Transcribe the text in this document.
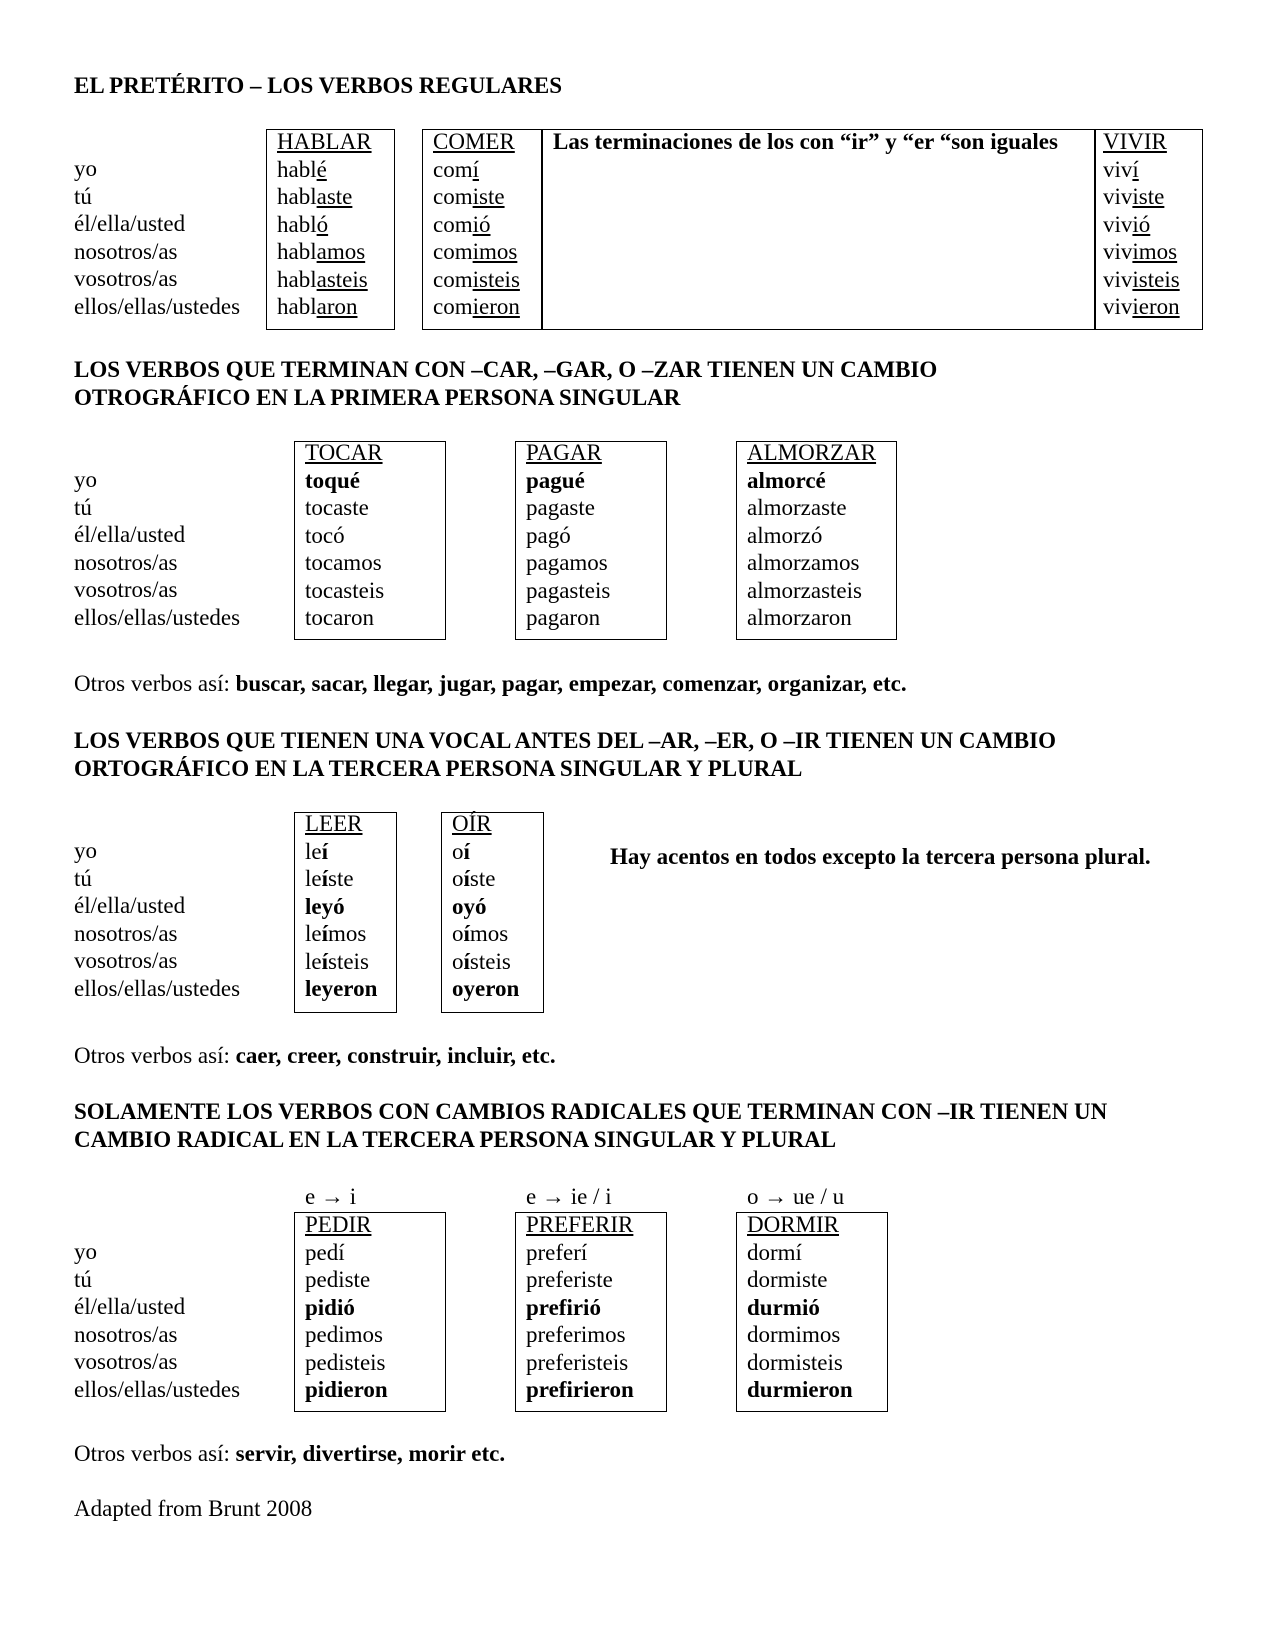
EL PRETÉRITO – LOS VERBOS REGULARES
yo
tú
él/ella/usted
nosotros/as
vosotros/as
ellos/ellas/ustedes
HABLAR
hablé
hablaste
habló
hablamos
hablasteis
hablaron
COMER
comí
comiste
comió
comimos
comisteis
comieron
Las terminaciones de los con “ir” y “er “son iguales VIVIR
viví
viviste
vivió
vivimos
vivisteis
vivieron
LOS VERBOS QUE TERMINAN CON –CAR, –GAR, O –ZAR TIENEN UN CAMBIO
OTROGRÁFICO EN LA PRIMERA PERSONA SINGULAR
yo
tú
él/ella/usted
nosotros/as
vosotros/as
ellos/ellas/ustedes
TOCAR
toqué
tocaste
tocó
tocamos
tocasteis
tocaron
PAGAR
pagué
pagaste
pagó
pagamos
pagasteis
pagaron
ALMORZAR
almorcé
almorzaste
almorzó
almorzamos
almorzasteis
almorzaron
Otros verbos así: buscar, sacar, llegar, jugar, pagar, empezar, comenzar, organizar, etc.
LOS VERBOS QUE TIENEN UNA VOCAL ANTES DEL –AR, –ER, O –IR TIENEN UN CAMBIO
ORTOGRÁFICO EN LA TERCERA PERSONA SINGULAR Y PLURAL
yo
tú
él/ella/usted
nosotros/as
vosotros/as
ellos/ellas/ustedes
LEER
leí
leíste
leyó
leímos
leísteis
leyeron
OÍR
oí
oíste
oyó
oímos
oísteis
oyeron
Hay acentos en todos excepto la tercera persona plural.
Otros verbos así: caer, creer, construir, incluir, etc.
SOLAMENTE LOS VERBOS CON CAMBIOS RADICALES QUE TERMINAN CON –IR TIENEN UN
CAMBIO RADICAL EN LA TERCERA PERSONA SINGULAR Y PLURAL
e → i	e → ie / i	o → ue / u
yo
tú
él/ella/usted
nosotros/as
vosotros/as
ellos/ellas/ustedes
PEDIR
pedí
pediste
pidió
pedimos
pedisteis
pidieron
PREFERIR
preferí
preferiste
prefirió
preferimos
preferisteis
prefirieron
DORMIR
dormí
dormiste
durmió
dormimos
dormisteis
durmieron
Otros verbos así: servir, divertirse, morir etc.
Adapted from Brunt 2008
